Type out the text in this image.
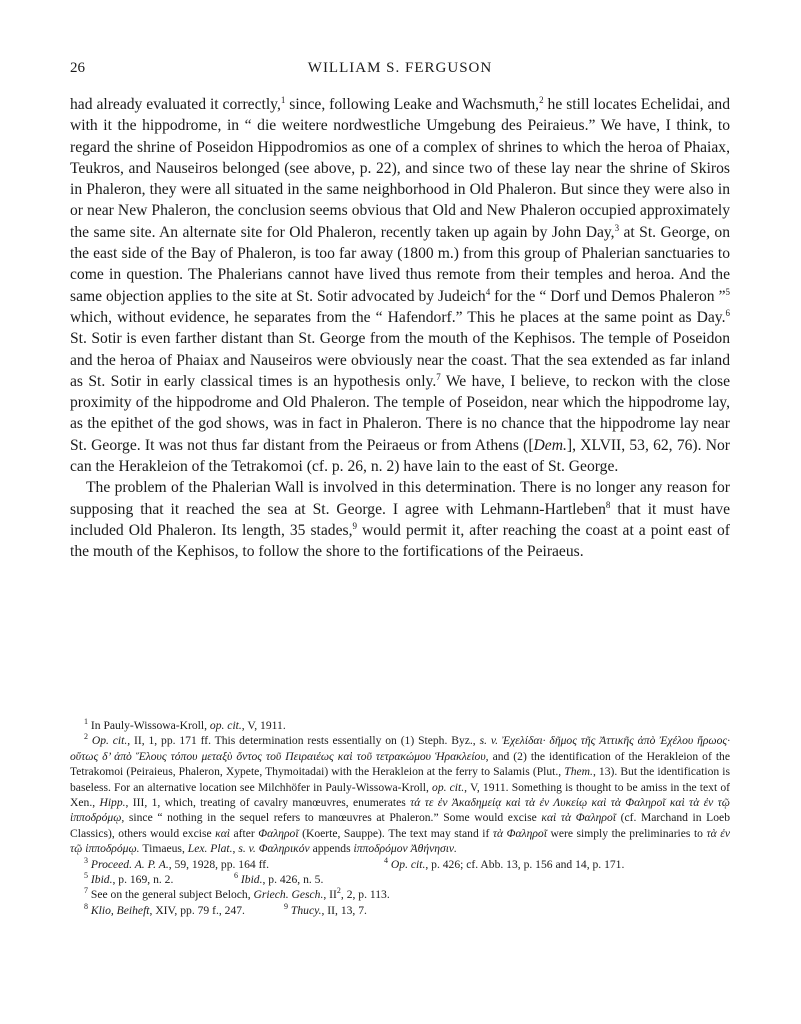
26	WILLIAM S. FERGUSON

had already evaluated it correctly,$^1$ since, following Leake and Wachsmuth,$^2$ he still locates Echelidai, and with it the hippodrome, in “ die weitere nordwestliche Umgebung des Peiraieus.” We have, I think, to regard the shrine of Poseidon Hippodromios as one of a complex of shrines to which the heroa of Phaiax, Teukros, and Nauseiros belonged (see above, p. 22), and since two of these lay near the shrine of Skiros in Phaleron, they were all situated in the same neighborhood in Old Phaleron. But since they were also in or near New Phaleron, the conclusion seems obvious that Old and New Phaleron occupied approximately the same site. An alternate site for Old Phaleron, recently taken up again by John Day,$^3$ at St. George, on the east side of the Bay of Phaleron, is too far away (1800 m.) from this group of Phalerian sanctuaries to come in question. The Phalerians cannot have lived thus remote from their temples and heroa. And the same objection applies to the site at St. Sotir advocated by Judeich$^4$ for the “ Dorf und Demos Phaleron ”$^5$ which, without evidence, he separates from the “ Hafendorf.” This he places at the same point as Day.$^6$ St. Sotir is even farther distant than St. George from the mouth of the Kephisos. The temple of Poseidon and the heroa of Phaiax and Nauseiros were obviously near the coast. That the sea extended as far inland as St. Sotir in early classical times is an hypothesis only.$^7$ We have, I believe, to reckon with the close proximity of the hippodrome and Old Phaleron. The temple of Poseidon, near which the hippodrome lay, as the epithet of the god shows, was in fact in Phaleron. There is no chance that the hippodrome lay near St. George. It was not thus far distant from the Peiraeus or from Athens ([Dem.], XLVII, 53, 62, 76). Nor can the Herakleion of the Tetrakomoi (cf. p. 26, n. 2) have lain to the east of St. George.

The problem of the Phalerian Wall is involved in this determination. There is no longer any reason for supposing that it reached the sea at St. George. I agree with Lehmann-Hartleben$^8$ that it must have included Old Phaleron. Its length, 35 stades,$^9$ would permit it, after reaching the coast at a point east of the mouth of the Kephisos, to follow the shore to the fortifications of the Peiraeus.

$^1$ In Pauly-Wissowa-Kroll, op. cit., V, 1911.

$^2$ Op. cit., II, 1, pp. 171 ff. This determination rests essentially on (1) Steph. Byz., s. v. Ἐχελίδαι· δῆμος τῆς Ἀττικῆς ἀπὸ Ἐχέλου ἥρωος· οὕτως δ’ ἀπὸ Ἕλους τόπου μεταξὺ ὄντος τοῦ Πειραιέως καὶ τοῦ τετρακώμου Ἡρακλείου, and (2) the identification of the Herakleion of the Tetrakomoi (Peiraieus, Phaleron, Xypete, Thymoitadai) with the Herakleion at the ferry to Salamis (Plut., Them., 13). But the identification is baseless. For an alternative location see Milchhöfer in Pauly-Wissowa-Kroll, op. cit., V, 1911. Something is thought to be amiss in the text of Xen., Hipp., III, 1, which, treating of cavalry manœuvres, enumerates τά τε ἐν Ἀκαδημείᾳ καὶ τὰ ἐν Λυκείῳ καὶ τὰ Φαληροῖ καὶ τὰ ἐν τῷ ἱπποδρόμῳ, since “ nothing in the sequel refers to manœuvres at Phaleron.” Some would excise καὶ τὰ Φαληροῖ (cf. Marchand in Loeb Classics), others would excise καὶ after Φαληροῖ (Koerte, Sauppe). The text may stand if τὰ Φαληροῖ were simply the preliminaries to τὰ ἐν τῷ ἱπποδρόμῳ. Timaeus, Lex. Plat., s. v. Φαληρικόν appends ἱπποδρόμον Ἀθήνησιν.

$^3$ Proceed. A. P. A., 59, 1928, pp. 164 ff.	$^4$ Op. cit., p. 426; cf. Abb. 13, p. 156 and 14, p. 171.

$^5$ Ibid., p. 169, n. 2.	$^6$ Ibid., p. 426, n. 5.

$^7$ See on the general subject Beloch, Griech. Gesch., $II^2$, 2, p. 113.

$^8$ Klio, Beiheft, XIV, pp. 79 f., 247.	$^9$ Thucy., II, 13, 7.
